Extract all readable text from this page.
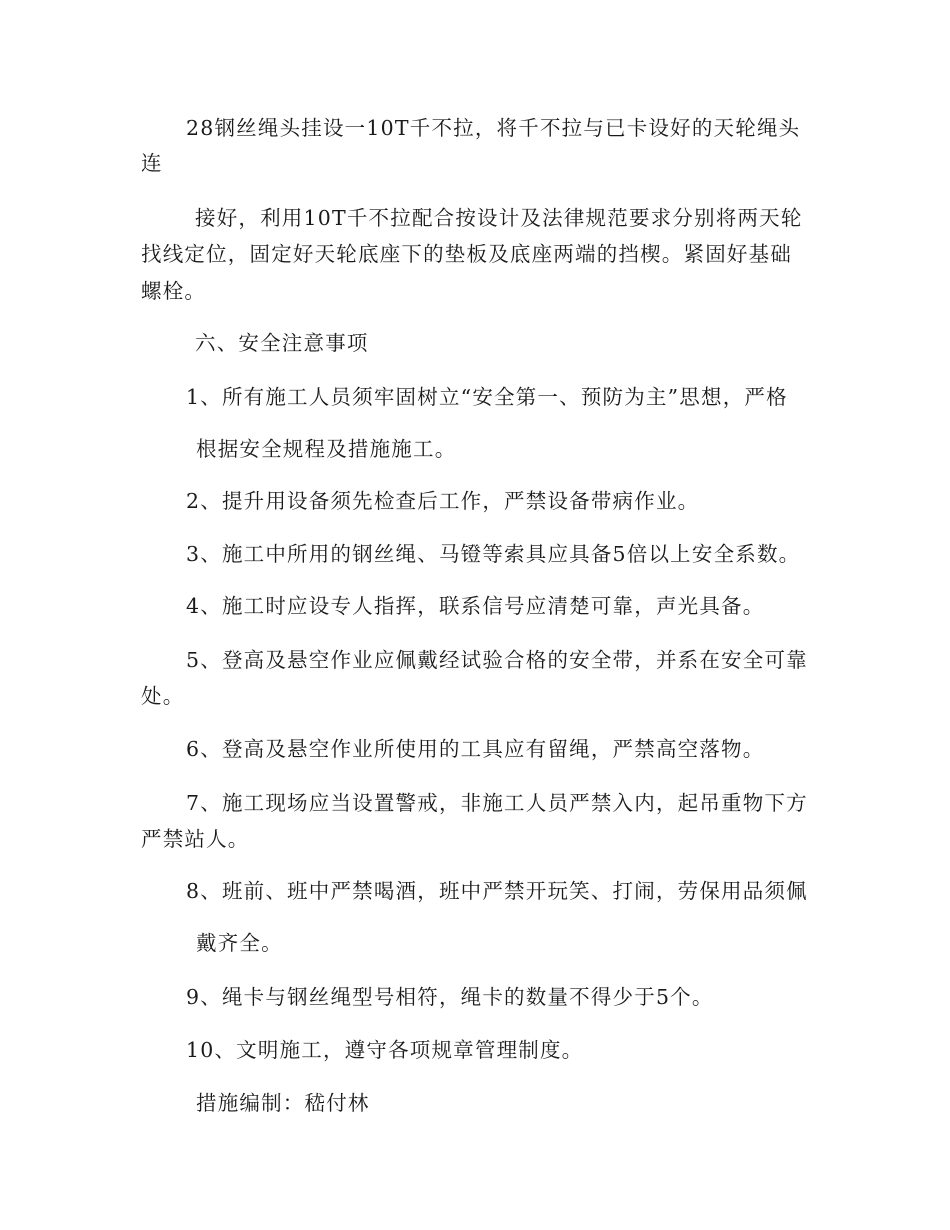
28钢丝绳头挂设一10T千不拉，将千不拉与已卡设好的天轮绳头
连
接好，利用10T千不拉配合按设计及法律规范要求分别将两天轮
找线定位，固定好天轮底座下的垫板及底座两端的挡楔。紧固好基础
螺栓。
六、安全注意事项
1、所有施工人员须牢固树立“安全第一、预防为主”思想，严格
根据安全规程及措施施工。
2、提升用设备须先检查后工作，严禁设备带病作业。
3、施工中所用的钢丝绳、马镫等索具应具备5倍以上安全系数。
4、施工时应设专人指挥，联系信号应清楚可靠，声光具备。
5、登高及悬空作业应佩戴经试验合格的安全带，并系在安全可靠
处。
6、登高及悬空作业所使用的工具应有留绳，严禁高空落物。
7、施工现场应当设置警戒，非施工人员严禁入内，起吊重物下方
严禁站人。
8、班前、班中严禁喝酒，班中严禁开玩笑、打闹，劳保用品须佩
戴齐全。
9、绳卡与钢丝绳型号相符，绳卡的数量不得少于5个。
10、文明施工，遵守各项规章管理制度。
措施编制：嵇付林
